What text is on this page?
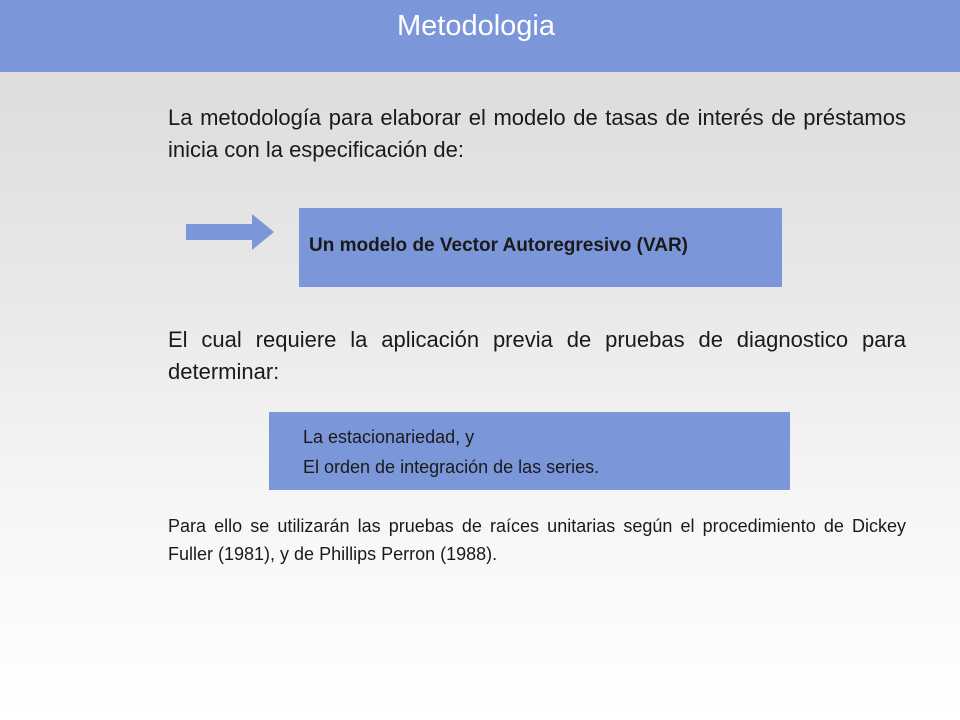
Metodologia
La metodología para elaborar el modelo de tasas de interés de préstamos inicia con la especificación de:
Un modelo de Vector Autoregresivo (VAR)
El cual requiere la aplicación previa de pruebas de diagnostico para determinar:
La estacionariedad, y
El orden de integración de las series.
Para ello se utilizarán las pruebas de raíces unitarias según el procedimiento de Dickey   Fuller (1981), y de Phillips Perron (1988).
